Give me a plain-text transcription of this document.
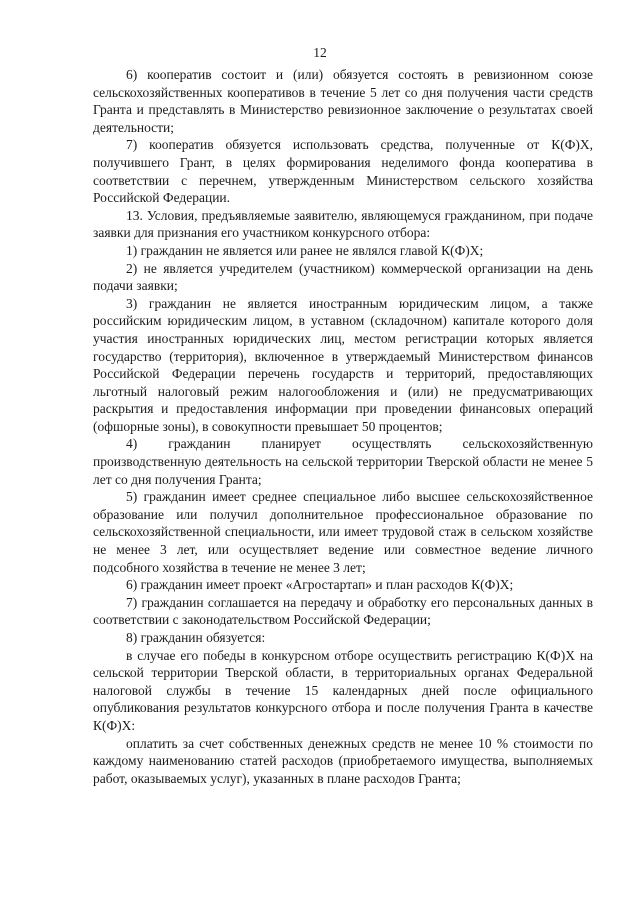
12

6) кооператив состоит и (или) обязуется состоять в ревизионном союзе сельскохозяйственных кооперативов в течение 5 лет со дня получения части средств Гранта и представлять в Министерство ревизионное заключение о результатах своей деятельности;

7) кооператив обязуется использовать средства, полученные от К(Ф)Х, получившего Грант, в целях формирования неделимого фонда кооператива в соответствии с перечнем, утвержденным Министерством сельского хозяйства Российской Федерации.

13. Условия, предъявляемые заявителю, являющемуся гражданином, при подаче заявки для признания его участником конкурсного отбора:

1) гражданин не является или ранее не являлся главой К(Ф)Х;

2) не является учредителем (участником) коммерческой организации на день подачи заявки;

3) гражданин не является иностранным юридическим лицом, а также российским юридическим лицом, в уставном (складочном) капитале которого доля участия иностранных юридических лиц, местом регистрации которых является государство (территория), включенное в утверждаемый Министерством финансов Российской Федерации перечень государств и территорий, предоставляющих льготный налоговый режим налогообложения и (или) не предусматривающих раскрытия и предоставления информации при проведении финансовых операций (офшорные зоны), в совокупности превышает 50 процентов;

4) гражданин планирует осуществлять сельскохозяйственную производственную деятельность на сельской территории Тверской области не менее 5 лет со дня получения Гранта;

5) гражданин имеет среднее специальное либо высшее сельскохозяйственное образование или получил дополнительное профессиональное образование по сельскохозяйственной специальности, или имеет трудовой стаж в сельском хозяйстве не менее 3 лет, или осуществляет ведение или совместное ведение личного подсобного хозяйства в течение не менее 3 лет;

6) гражданин имеет проект «Агростартап» и план расходов К(Ф)Х;

7) гражданин соглашается на передачу и обработку его персональных данных в соответствии с законодательством Российской Федерации;

8) гражданин обязуется:

в случае его победы в конкурсном отборе осуществить регистрацию К(Ф)Х на сельской территории Тверской области, в территориальных органах Федеральной налоговой службы в течение 15 календарных дней после официального опубликования результатов конкурсного отбора и после получения Гранта в качестве К(Ф)Х:

оплатить за счет собственных денежных средств не менее 10 % стоимости по каждому наименованию статей расходов (приобретаемого имущества, выполняемых работ, оказываемых услуг), указанных в плане расходов Гранта;
